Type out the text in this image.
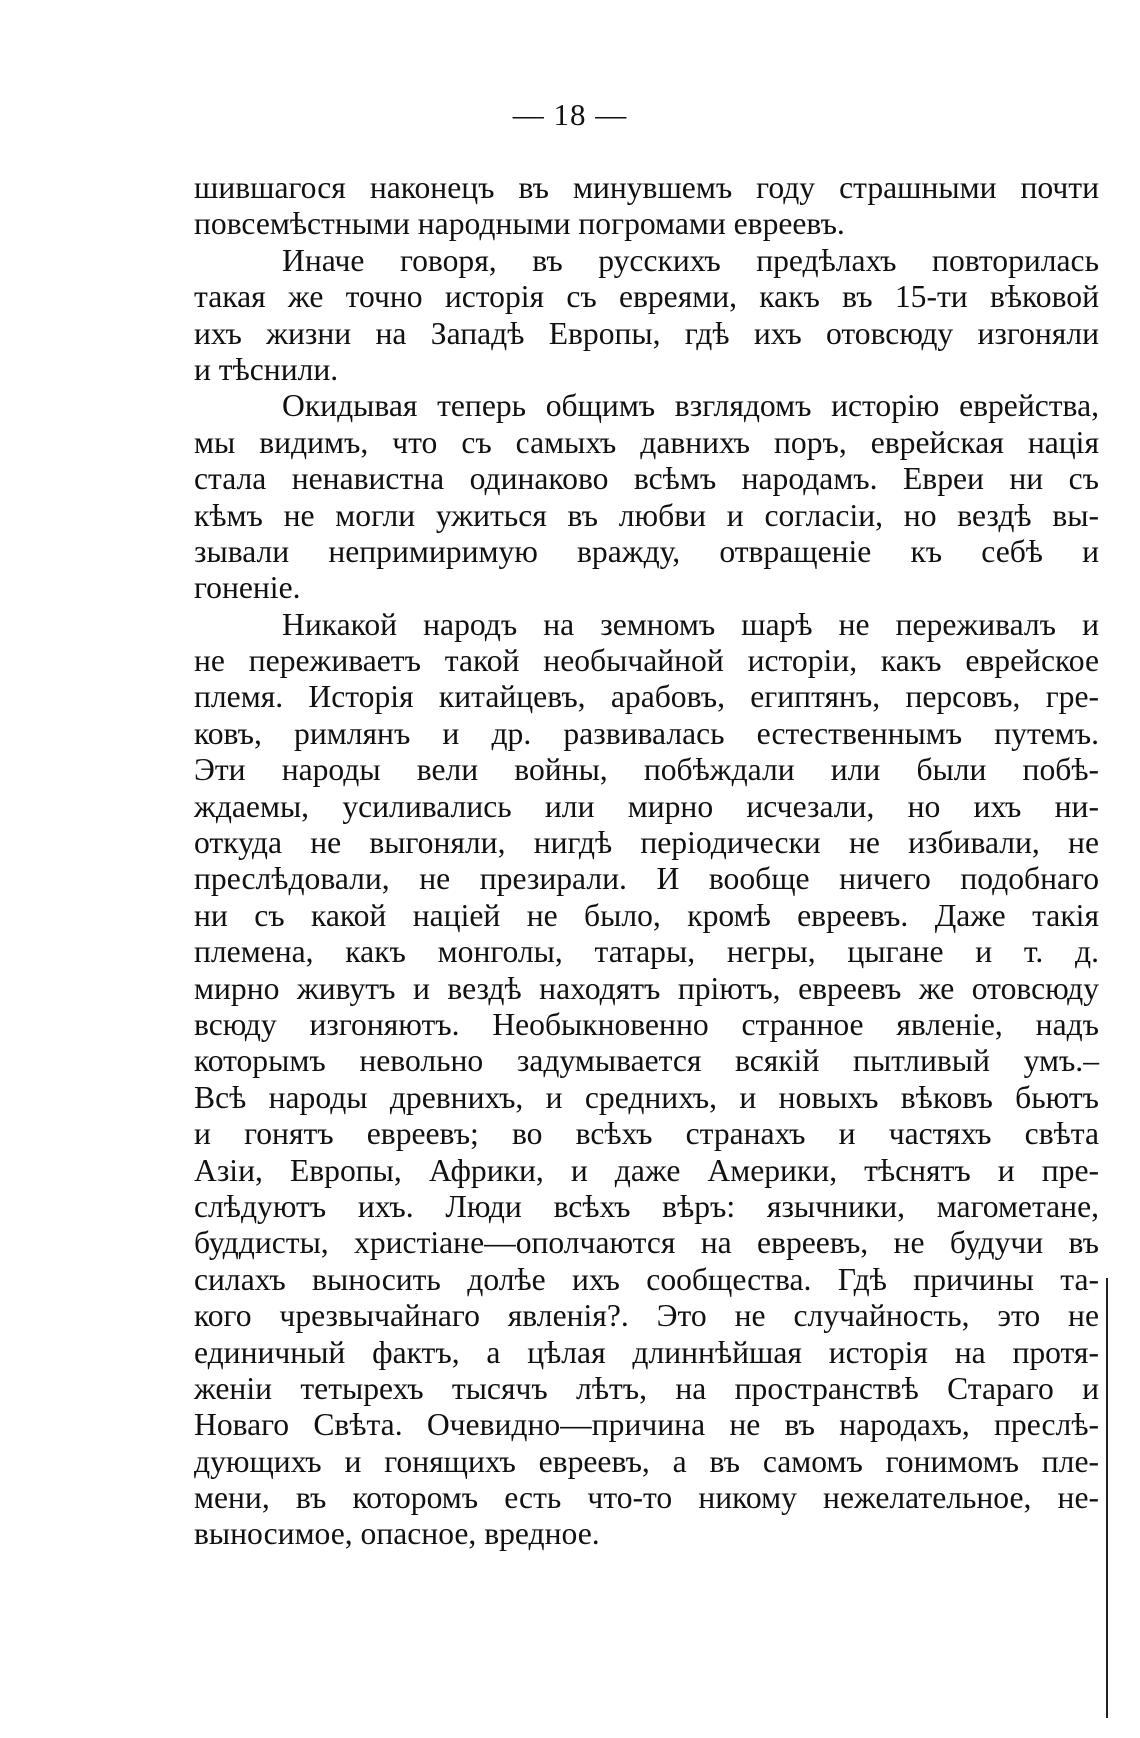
— 18 —
шившагося наконецъ въ минувшемъ году страшными почти
повсемѣстными народными погромами евреевъ.
Иначе говоря, въ русскихъ предѣлахъ повторилась
такая же точно исторія съ евреями, какъ въ 15-ти вѣковой
ихъ жизни на Западѣ Европы, гдѣ ихъ отовсюду изгоняли
и тѣснили.
Окидывая теперь общимъ взглядомъ исторію еврейства,
мы видимъ, что съ самыхъ давнихъ поръ, еврейская нація
стала ненавистна одинаково всѣмъ народамъ. Евреи ни съ
кѣмъ не могли ужиться въ любви и согласіи, но вездѣ вы-
зывали непримиримую вражду, отвращеніе къ себѣ и
гоненіе.
Никакой народъ на земномъ шарѣ не переживалъ и
не переживаетъ такой необычайной исторіи, какъ еврейское
племя. Исторія китайцевъ, арабовъ, египтянъ, персовъ, гре-
ковъ, римлянъ и др. развивалась естественнымъ путемъ.
Эти народы вели войны, побѣждали или были побѣ-
ждаемы, усиливались или мирно исчезали, но ихъ ни-
откуда не выгоняли, нигдѣ періодически не избивали, не
преслѣдовали, не презирали. И вообще ничего подобнаго
ни съ какой націей не было, кромѣ евреевъ. Даже такія
племена, какъ монголы, татары, негры, цыгане и т. д.
мирно живутъ и вездѣ находятъ пріютъ, евреевъ же отовсюду
всюду изгоняютъ. Необыкновенно странное явленіе, надъ
которымъ невольно задумывается всякій пытливый умъ.–
Всѣ народы древнихъ, и среднихъ, и новыхъ вѣковъ бьютъ
и гонятъ евреевъ; во всѣхъ странахъ и частяхъ свѣта
Азіи, Европы, Африки, и даже Америки, тѣснятъ и пре-
слѣдуютъ ихъ. Люди всѣхъ вѣръ: язычники, магометане,
буддисты, христіане—ополчаются на евреевъ, не будучи въ
силахъ выносить долѣе ихъ сообщества. Гдѣ причины та-
кого чрезвычайнаго явленія?. Это не случайность, это не
единичный фактъ, а цѣлая длиннѣйшая исторія на протя-
женіи тетырехъ тысячъ лѣтъ, на пространствѣ Стараго и
Новаго Свѣта. Очевидно—причина не въ народахъ, преслѣ-
дующихъ и гонящихъ евреевъ, а въ самомъ гонимомъ пле-
мени, въ которомъ есть что-то никому нежелательное, не-
выносимое, опасное, вредное.
